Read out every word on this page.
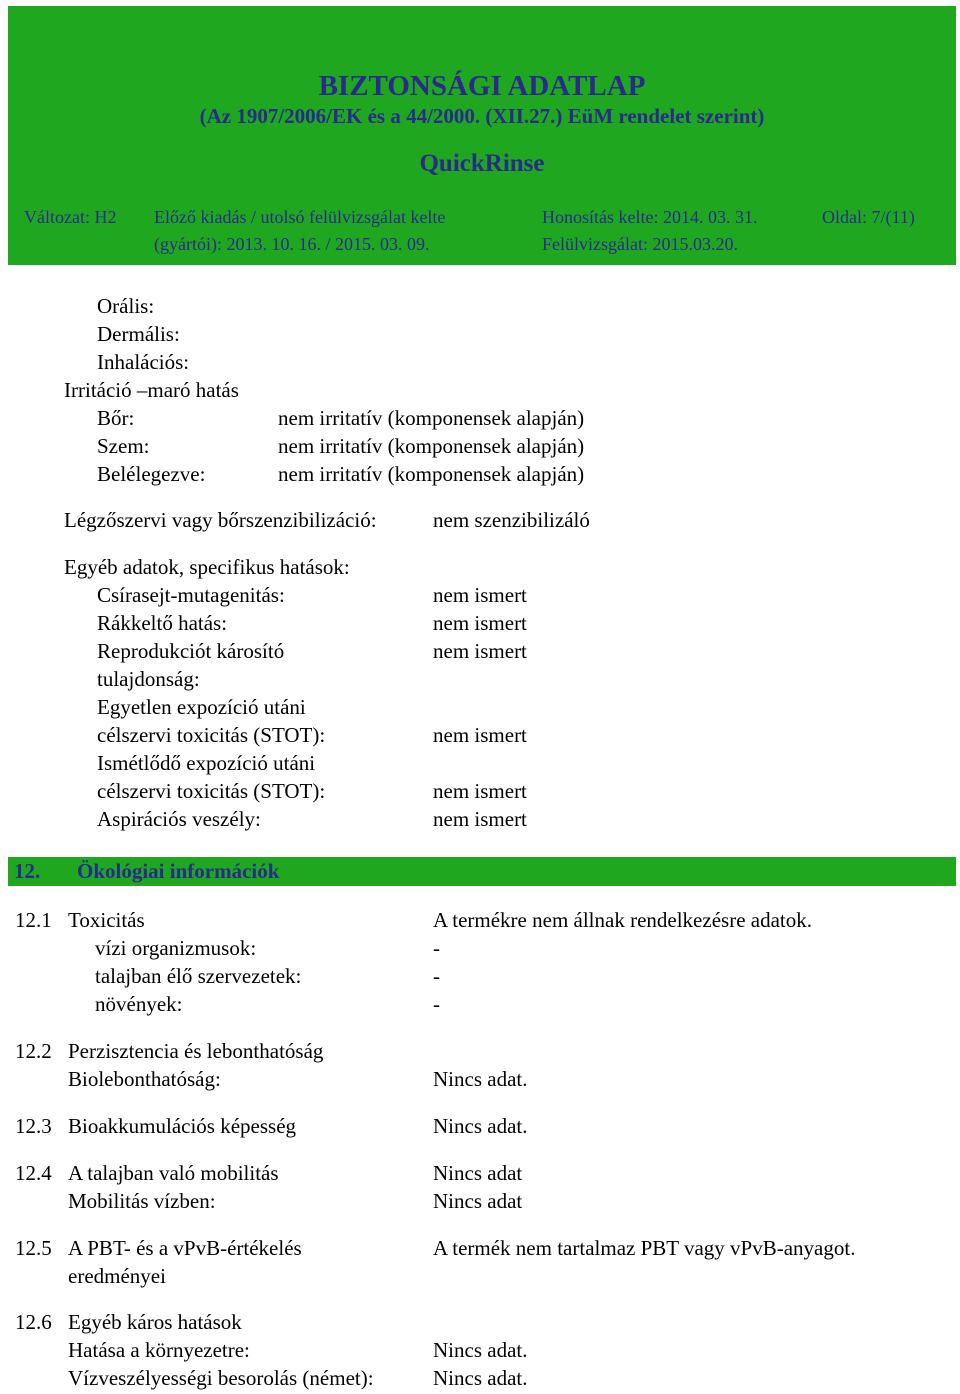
BIZTONSÁGI ADATLAP
(Az 1907/2006/EK és a 44/2000. (XII.27.) EüM rendelet szerint)
QuickRinse
Változat: H2 Előző kiadás / utolsó felülvizsgálat kelte
(gyártói): 2013. 10. 16. / 2015. 03. 09.
Honosítás kelte: 2014. 03. 31.
Felülvizsgálat: 2015.03.20.
Oldal: 7/(11)
Orális:
Dermális:
Inhalációs:
Irritáció –maró hatás
Bőr:	nem irritatív (komponensek alapján)
Szem:	nem irritatív (komponensek alapján)
Belélegezve:	nem irritatív (komponensek alapján)
Légzőszervi vagy bőrszenzibilizáció:	nem szenzibilizáló
Egyéb adatok, specifikus hatások:
Csírasejt-mutagenitás:	nem ismert
Rákkeltő hatás:	nem ismert
Reprodukciót károsító	nem ismert
tulajdonság:
Egyetlen expozíció utáni
célszervi toxicitás (STOT):	nem ismert
Ismétlődő expozíció utáni
célszervi toxicitás (STOT):	nem ismert
Aspirációs veszély:	nem ismert
12. Ökológiai információk
12.1 Toxicitás	A termékre nem állnak rendelkezésre adatok.
vízi organizmusok:	-
talajban élő szervezetek:	-
növények:	-
12.2 Perzisztencia és lebonthatóság
Biolebonthatóság:	Nincs adat.
12.3 Bioakkumulációs képesség	Nincs adat.
12.4 A talajban való mobilitás	Nincs adat
Mobilitás vízben:	Nincs adat
12.5 A PBT- és a vPvB-értékelés	A termék nem tartalmaz PBT vagy vPvB-anyagot.
eredményei
12.6 Egyéb káros hatások
Hatása a környezetre:	Nincs adat.
Vízveszélyességi besorolás (német):	Nincs adat.
